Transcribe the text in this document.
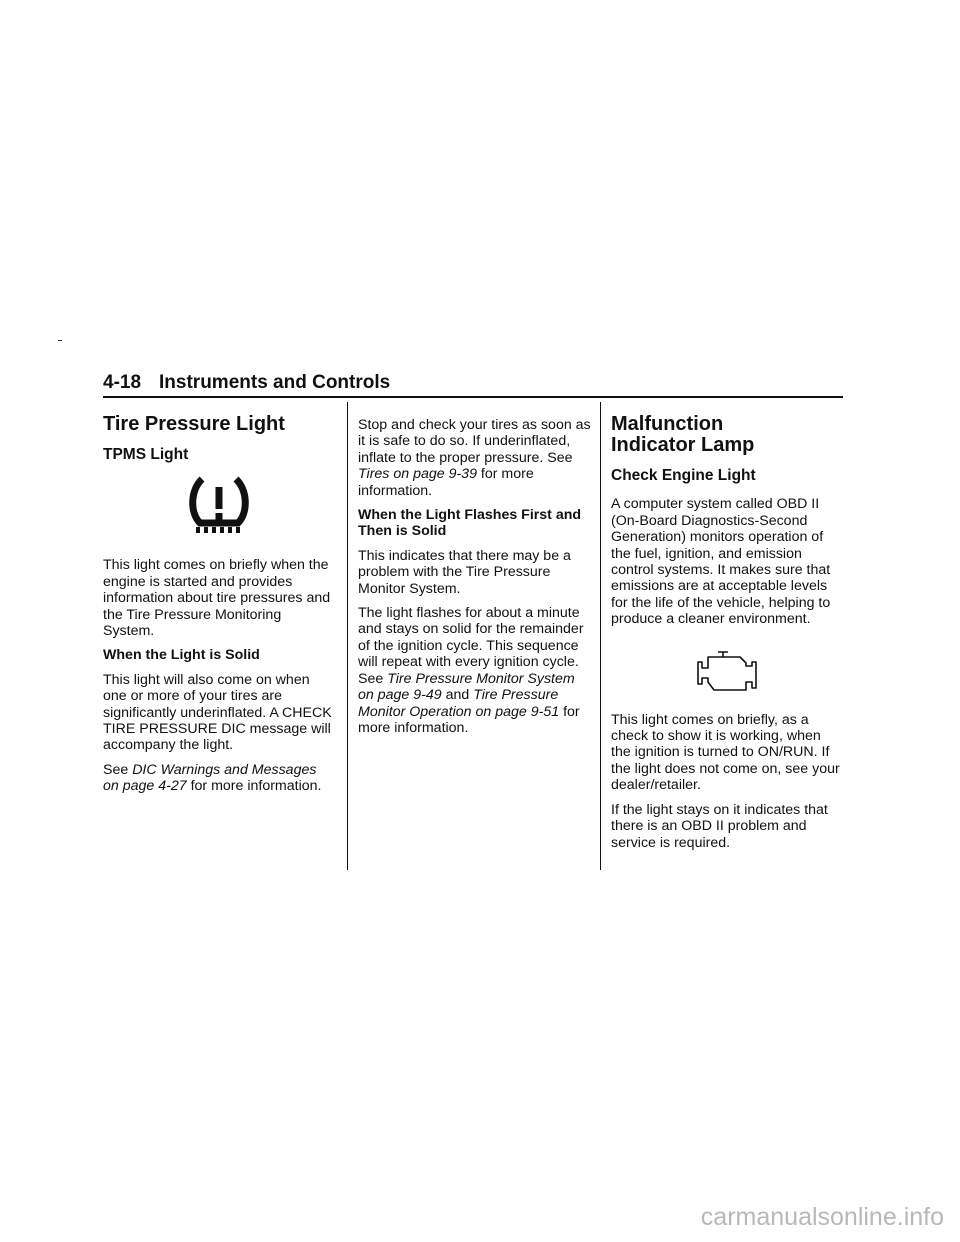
4-18 Instruments and Controls
Tire Pressure Light
TPMS Light

This light comes on briefly when the engine is started and provides information about tire pressures and the Tire Pressure Monitoring System.

When the Light is Solid

This light will also come on when one or more of your tires are significantly underinflated. A CHECK TIRE PRESSURE DIC message will accompany the light.

See DIC Warnings and Messages on page 4-27 for more information.

Stop and check your tires as soon as it is safe to do so. If underinflated, inflate to the proper pressure. See Tires on page 9-39 for more information.

When the Light Flashes First and Then is Solid

This indicates that there may be a problem with the Tire Pressure Monitor System.

The light flashes for about a minute and stays on solid for the remainder of the ignition cycle. This sequence will repeat with every ignition cycle. See Tire Pressure Monitor System on page 9-49 and Tire Pressure Monitor Operation on page 9-51 for more information.

Malfunction
Indicator Lamp
Check Engine Light

A computer system called OBD II (On-Board Diagnostics-Second Generation) monitors operation of the fuel, ignition, and emission control systems. It makes sure that emissions are at acceptable levels for the life of the vehicle, helping to produce a cleaner environment.

This light comes on briefly, as a check to show it is working, when the ignition is turned to ON/RUN. If the light does not come on, see your dealer/retailer.

If the light stays on it indicates that there is an OBD II problem and service is required.

carmanualsonline.info
